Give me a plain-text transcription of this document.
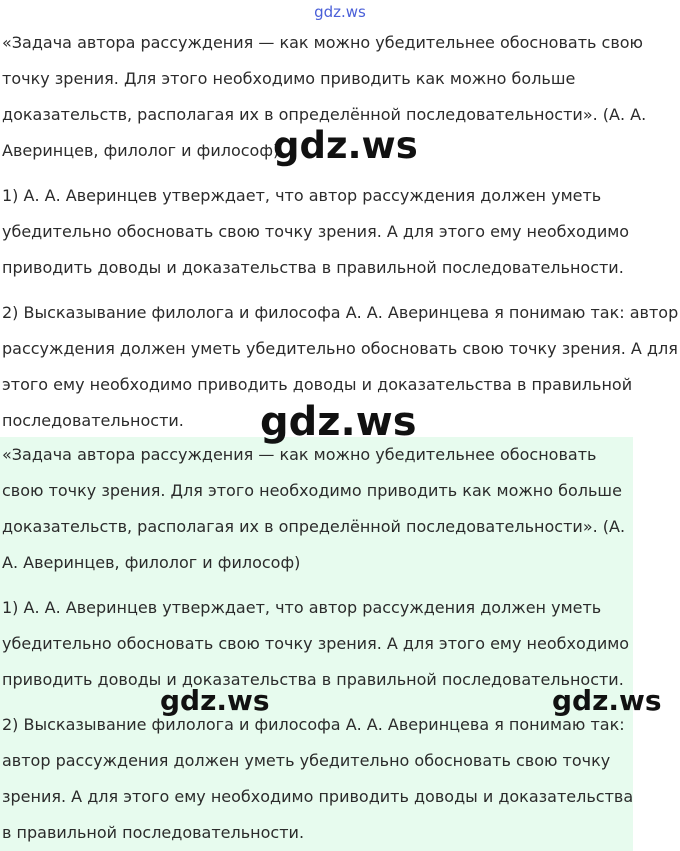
gdz.ws
«Задача автора рассуждения — как можно убедительнее обосновать свою
точку зрения. Для этого необходимо приводить как можно больше
доказательств, располагая их в определённой последовательности». (А. А.
Аверинцев, филолог и философ)
1) А. А. Аверинцев утверждает, что автор рассуждения должен уметь
убедительно обосновать свою точку зрения. А для этого ему необходимо
приводить доводы и доказательства в правильной последовательности.
2) Высказывание филолога и философа А. А. Аверинцева я понимаю так: автор
рассуждения должен уметь убедительно обосновать свою точку зрения. А для
этого ему необходимо приводить доводы и доказательства в правильной
последовательности.
«Задача автора рассуждения — как можно убедительнее обосновать
свою точку зрения. Для этого необходимо приводить как можно больше
доказательств, располагая их в определённой последовательности». (А.
А. Аверинцев, филолог и философ)
1) А. А. Аверинцев утверждает, что автор рассуждения должен уметь
убедительно обосновать свою точку зрения. А для этого ему необходимо
приводить доводы и доказательства в правильной последовательности.
2) Высказывание филолога и философа А. А. Аверинцева я понимаю так:
автор рассуждения должен уметь убедительно обосновать свою точку
зрения. А для этого ему необходимо приводить доводы и доказательства
в правильной последовательности.
gdz.ws
gdz.ws
gdz.ws	gdz.ws
